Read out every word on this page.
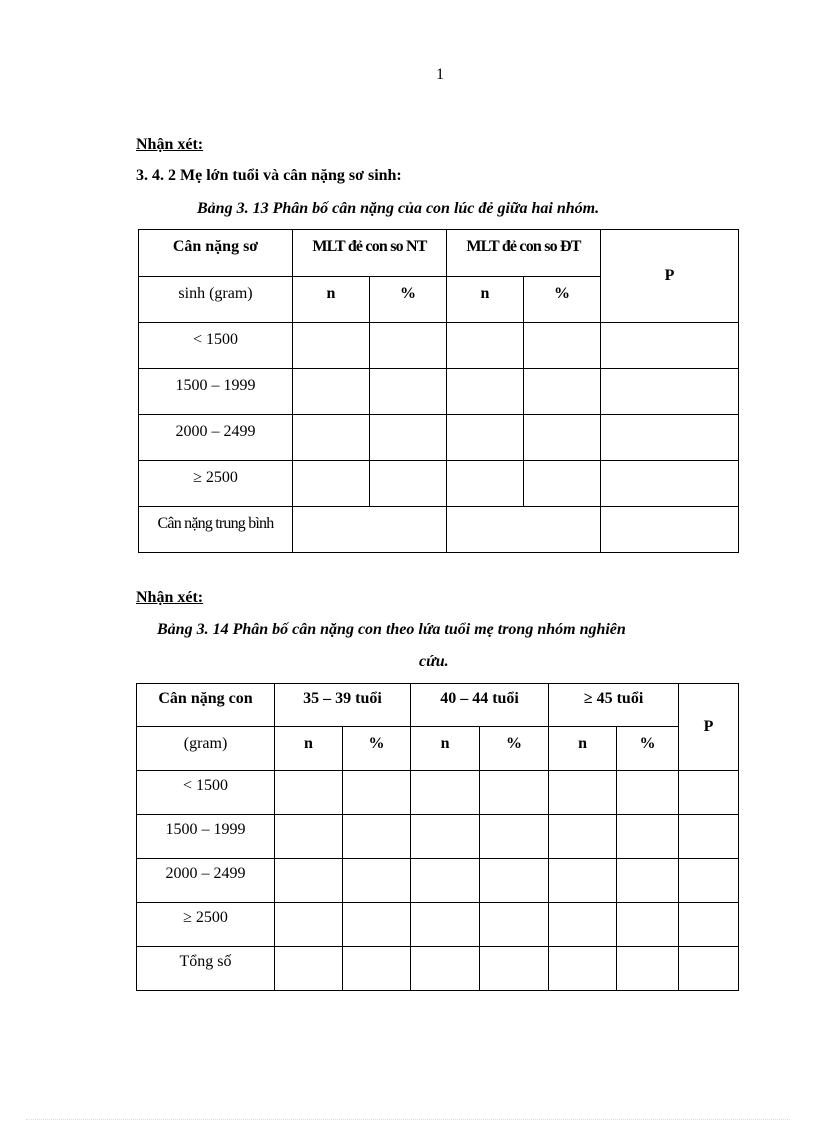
1
Nhận xét:
3. 4. 2 Mẹ lớn tuổi và cân nặng sơ sinh:
Bảng 3. 13 Phân bố cân nặng của con lúc đẻ giữa hai nhóm.
Cân nặng sơ	MLT đẻ con so NT		MLT đẻ con so ĐT		P
sinh (gram)	n	%	n	%	
< 1500					
1500 – 1999					
2000 – 2499					
≥ 2500					
Cân nặng trung bình					
Nhận xét:
Bảng 3. 14 Phân bố cân nặng con theo lứa tuổi mẹ trong nhóm nghiên
cứu.
Cân nặng con	35 – 39 tuổi		40 – 44 tuổi		≥ 45 tuổi		P
(gram)	n	%	n	%	n	%	
< 1500							
1500 – 1999							
2000 – 2499							
≥ 2500							
Tổng số							
